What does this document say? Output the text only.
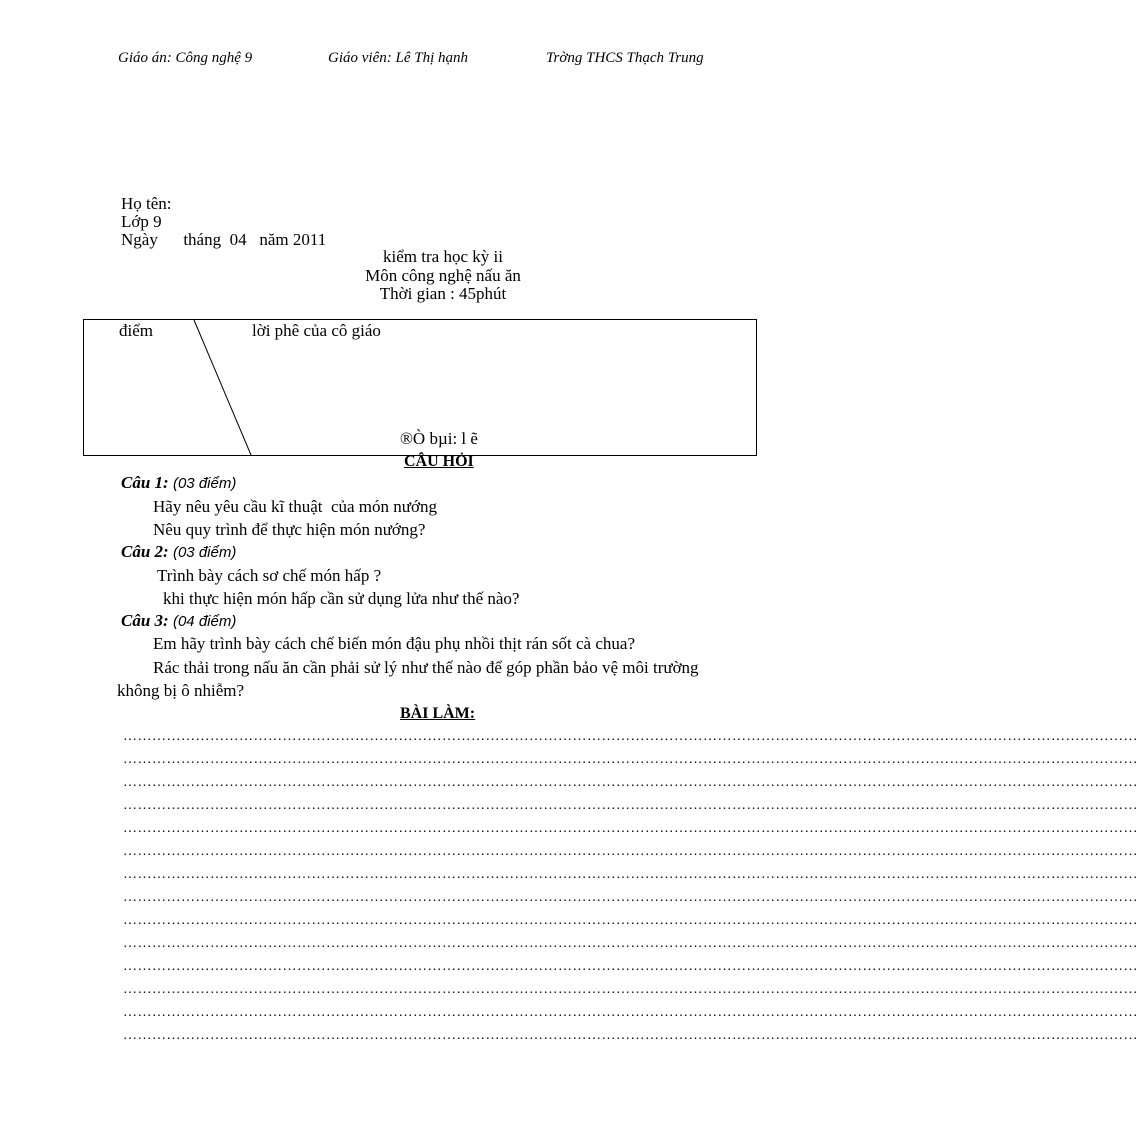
Giáo án: Công nghệ 9	Giáo viên: Lê Thị hạnh	Trờng THCS Thạch Trung
Họ tên:
Lớp 9
Ngày      tháng  04   năm 2011
kiểm tra học kỳ ii
Môn công nghệ nấu ăn
Thời gian : 45phút
điểm	lời phê của cô giáo
®Ò bµi: l ẽ
CÂU HỎI
Câu 1: (03 điểm)
Hãy nêu yêu cầu kĩ thuật  của món nướng
Nêu quy trình để thực hiện món nướng?
Câu 2: (03 điểm)
Trình bày cách sơ chế món hấp ?
khi thực hiện món hấp cần sử dụng lửa như thế nào?
Câu 3: (04 điểm)
Em hãy trình bày cách chế biến món đậu phụ nhồi thịt rán sốt cà chua?
Rác thải trong nấu ăn cần phải sử lý như thế nào để góp phần bảo vệ môi trường
không bị ô nhiễm?
BÀI LÀM:
…………………………………………………………………………………………………………………………………………………………………………………………
…………………………………………………………………………………………………………………………………………………………………………………………
…………………………………………………………………………………………………………………………………………………………………………………………
…………………………………………………………………………………………………………………………………………………………………………………………
…………………………………………………………………………………………………………………………………………………………………………………………
…………………………………………………………………………………………………………………………………………………………………………………………
…………………………………………………………………………………………………………………………………………………………………………………………
…………………………………………………………………………………………………………………………………………………………………………………………
…………………………………………………………………………………………………………………………………………………………………………………………
…………………………………………………………………………………………………………………………………………………………………………………………
…………………………………………………………………………………………………………………………………………………………………………………………
…………………………………………………………………………………………………………………………………………………………………………………………
…………………………………………………………………………………………………………………………………………………………………………………………
…………………………………………………………………………………………………………………………………………………………………………………………
